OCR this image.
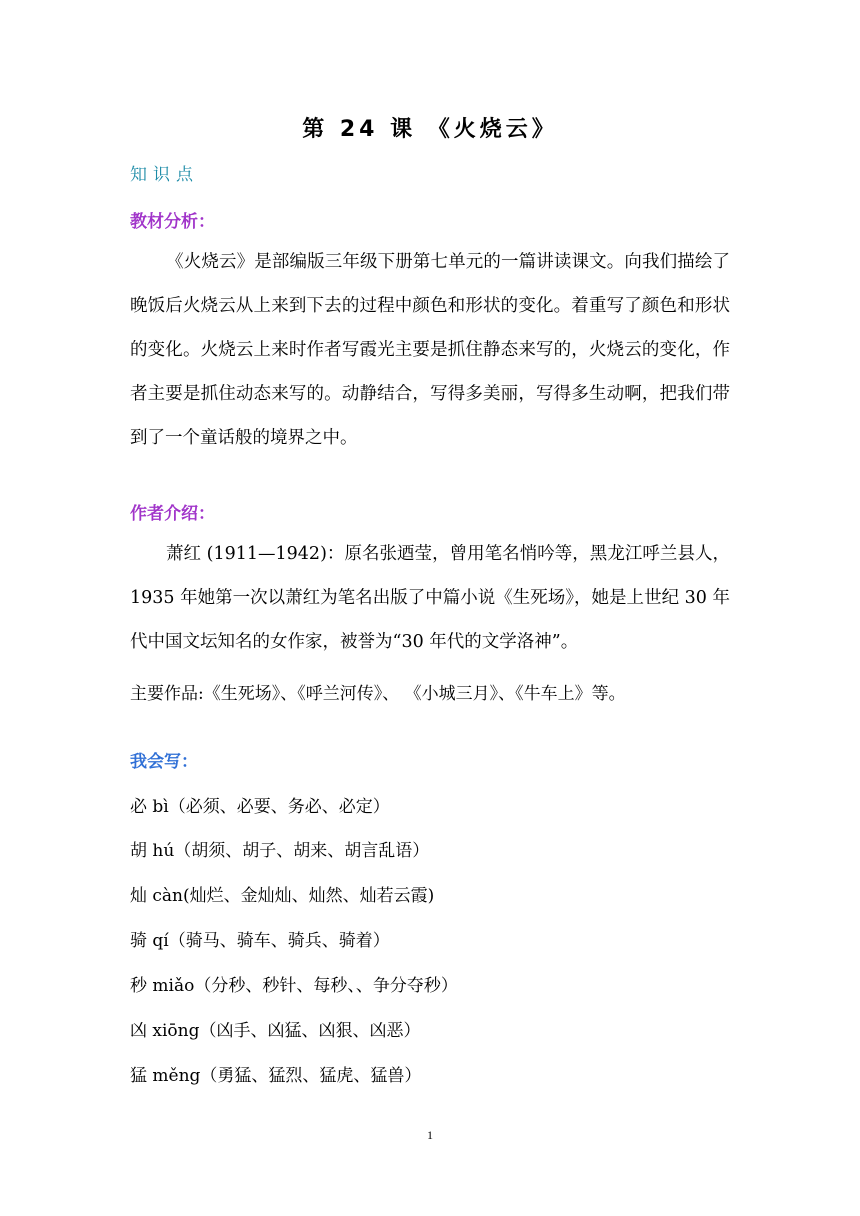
第 24 课 《火烧云》
知识点
教材分析：
《火烧云》是部编版三年级下册第七单元的一篇讲读课文。向我们描绘了晚饭后火烧云从上来到下去的过程中颜色和形状的变化。着重写了颜色和形状的变化。火烧云上来时作者写霞光主要是抓住静态来写的，火烧云的变化，作者主要是抓住动态来写的。动静结合，写得多美丽，写得多生动啊，把我们带到了一个童话般的境界之中。
作者介绍：
萧红 (1911—1942)：原名张迺莹，曾用笔名悄吟等，黑龙江呼兰县人，1935 年她第一次以萧红为笔名出版了中篇小说《生死场》，她是上世纪 30 年代中国文坛知名的女作家，被誉为“30 年代的文学洛神”。
主要作品:《生死场》、《呼兰河传》、 《小城三月》、《牛车上》等。
我会写：
必 bì（必须、必要、务必、必定）
胡 hú（胡须、胡子、胡来、胡言乱语）
灿 càn(灿烂、金灿灿、灿然、灿若云霞)
骑 qí（骑马、骑车、骑兵、骑着）
秒 miǎo（分秒、秒针、每秒、、争分夺秒）
凶 xiōng（凶手、凶猛、凶狠、凶恶）
猛 měng（勇猛、猛烈、猛虎、猛兽）
1
